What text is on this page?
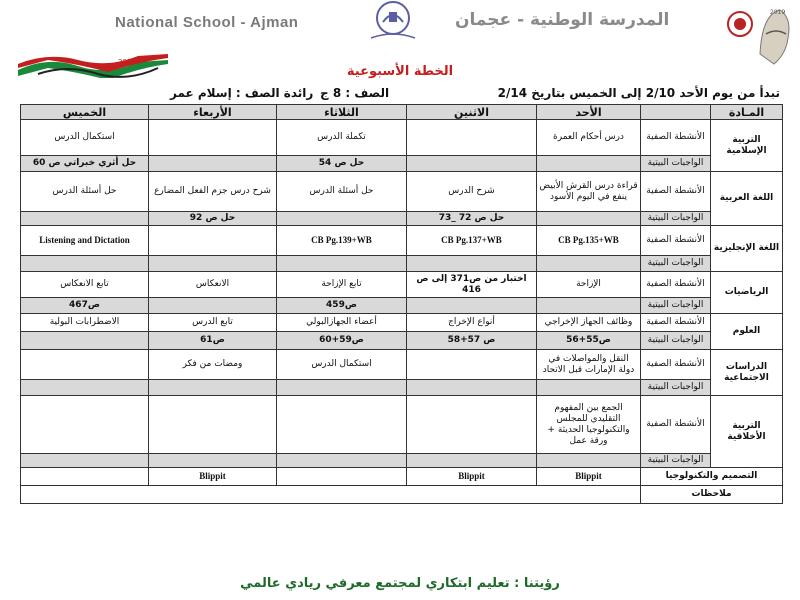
National School - Ajman	المدرسة الوطنية - عجمان
2019
2019
الخطة الأسبوعية
تبدأ من يوم الأحد 2/10 إلى الخميس بتاريخ 2/14
الصف : 8 ج
رائدة الصف : إسلام عمر
المـادة		الأحد	الاثنين	الثلاثاء	الأربعاء	الخميس
التربية الإسلامية	الأنشطة الصفية	درس أحكام العمرة		تكملة الدرس		استكمال الدرس
	الواجبات البيتية			حل ص 54		حل أثري خبراتي ص 60
اللغة العربية	الأنشطة الصفية	قراءة درس القرش الأبيض ينفع في اليوم الأسود	شرح الدرس	حل أسئلة الدرس	شرح درس جزم الفعل المضارع	حل أسئلة الدرس
	الواجبات البيتية		حل ص 72 _73		حل ص 92	
اللغة الإنجليزية	الأنشطة الصفية	CB Pg.135+WB	CB Pg.137+WB	CB Pg.139+WB		Listening and Dictation
	الواجبات البيتية					
الرياضيات	الأنشطة الصفية	الإزاحة	اختبار من ص371 إلى ص 416	تابع الإزاحة	الانعكاس	تابع الانعكاس
	الواجبات البيتية			ص459		ص467
العلوم	الأنشطة الصفية	وظائف الجهاز الإخراجي	أنواع الإخراج	أعضاء الجهازالبولي	تابع الدرس	الاضطرابات البولية
	الواجبات البيتية	ص55+56	ص 57+58	ص59+60	ص61	
الدراسات الاجتماعية	الأنشطة الصفية	النقل والمواصلات في دولة الإمارات قبل الاتحاد		استكمال الدرس	ومضات من فكر	
	الواجبات البيتية					
التربية الأخلاقية	الأنشطة الصفية	الجمع بين المفهوم التقليدي للمجلس والتكنولوجيا الحديثة + ورقة عمل				
	الواجبات البيتية					
التصميم والتكنولوجيا		Blippit	Blippit		Blippit	
ملاحظات						
رؤيتنا : تعليم ابتكاري لمجتمع معرفي ريادي عالمي
